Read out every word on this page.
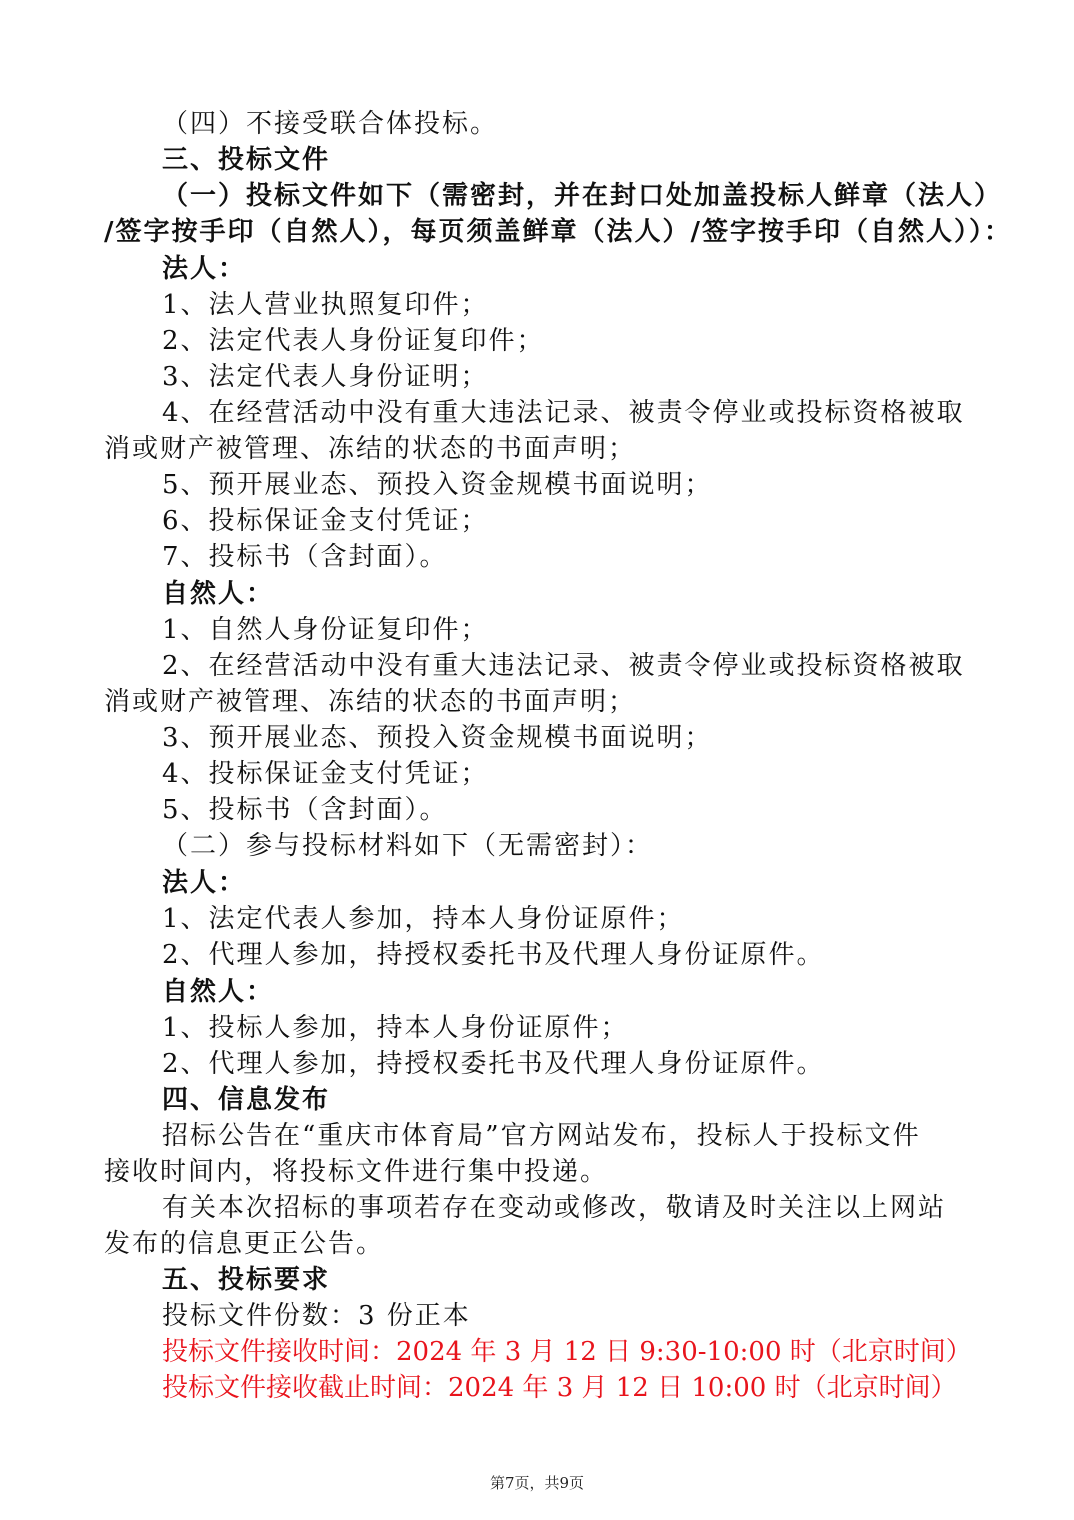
（四）不接受联合体投标。
三、投标文件
（一）投标文件如下（需密封，并在封口处加盖投标人鲜章（法人）
/签字按手印（自然人），每页须盖鲜章（法人）/签字按手印（自然人））：
法人：
1、法人营业执照复印件；
2、法定代表人身份证复印件；
3、法定代表人身份证明；
4、在经营活动中没有重大违法记录、被责令停业或投标资格被取
消或财产被管理、冻结的状态的书面声明；
5、预开展业态、预投入资金规模书面说明；
6、投标保证金支付凭证；
7、投标书（含封面）。
自然人：
1、自然人身份证复印件；
2、在经营活动中没有重大违法记录、被责令停业或投标资格被取
消或财产被管理、冻结的状态的书面声明；
3、预开展业态、预投入资金规模书面说明；
4、投标保证金支付凭证；
5、投标书（含封面）。
（二）参与投标材料如下（无需密封）：
法人：
1、法定代表人参加，持本人身份证原件；
2、代理人参加，持授权委托书及代理人身份证原件。
自然人：
1、投标人参加，持本人身份证原件；
2、代理人参加，持授权委托书及代理人身份证原件。
四、信息发布
招标公告在“重庆市体育局”官方网站发布，投标人于投标文件
接收时间内，将投标文件进行集中投递。
有关本次招标的事项若存在变动或修改，敬请及时关注以上网站
发布的信息更正公告。
五、投标要求
投标文件份数：3 份正本
投标文件接收时间：2024 年 3 月 12 日 9:30-10:00 时（北京时间）
投标文件接收截止时间：2024 年 3 月 12 日 10:00 时（北京时间）
第7页，共9页
